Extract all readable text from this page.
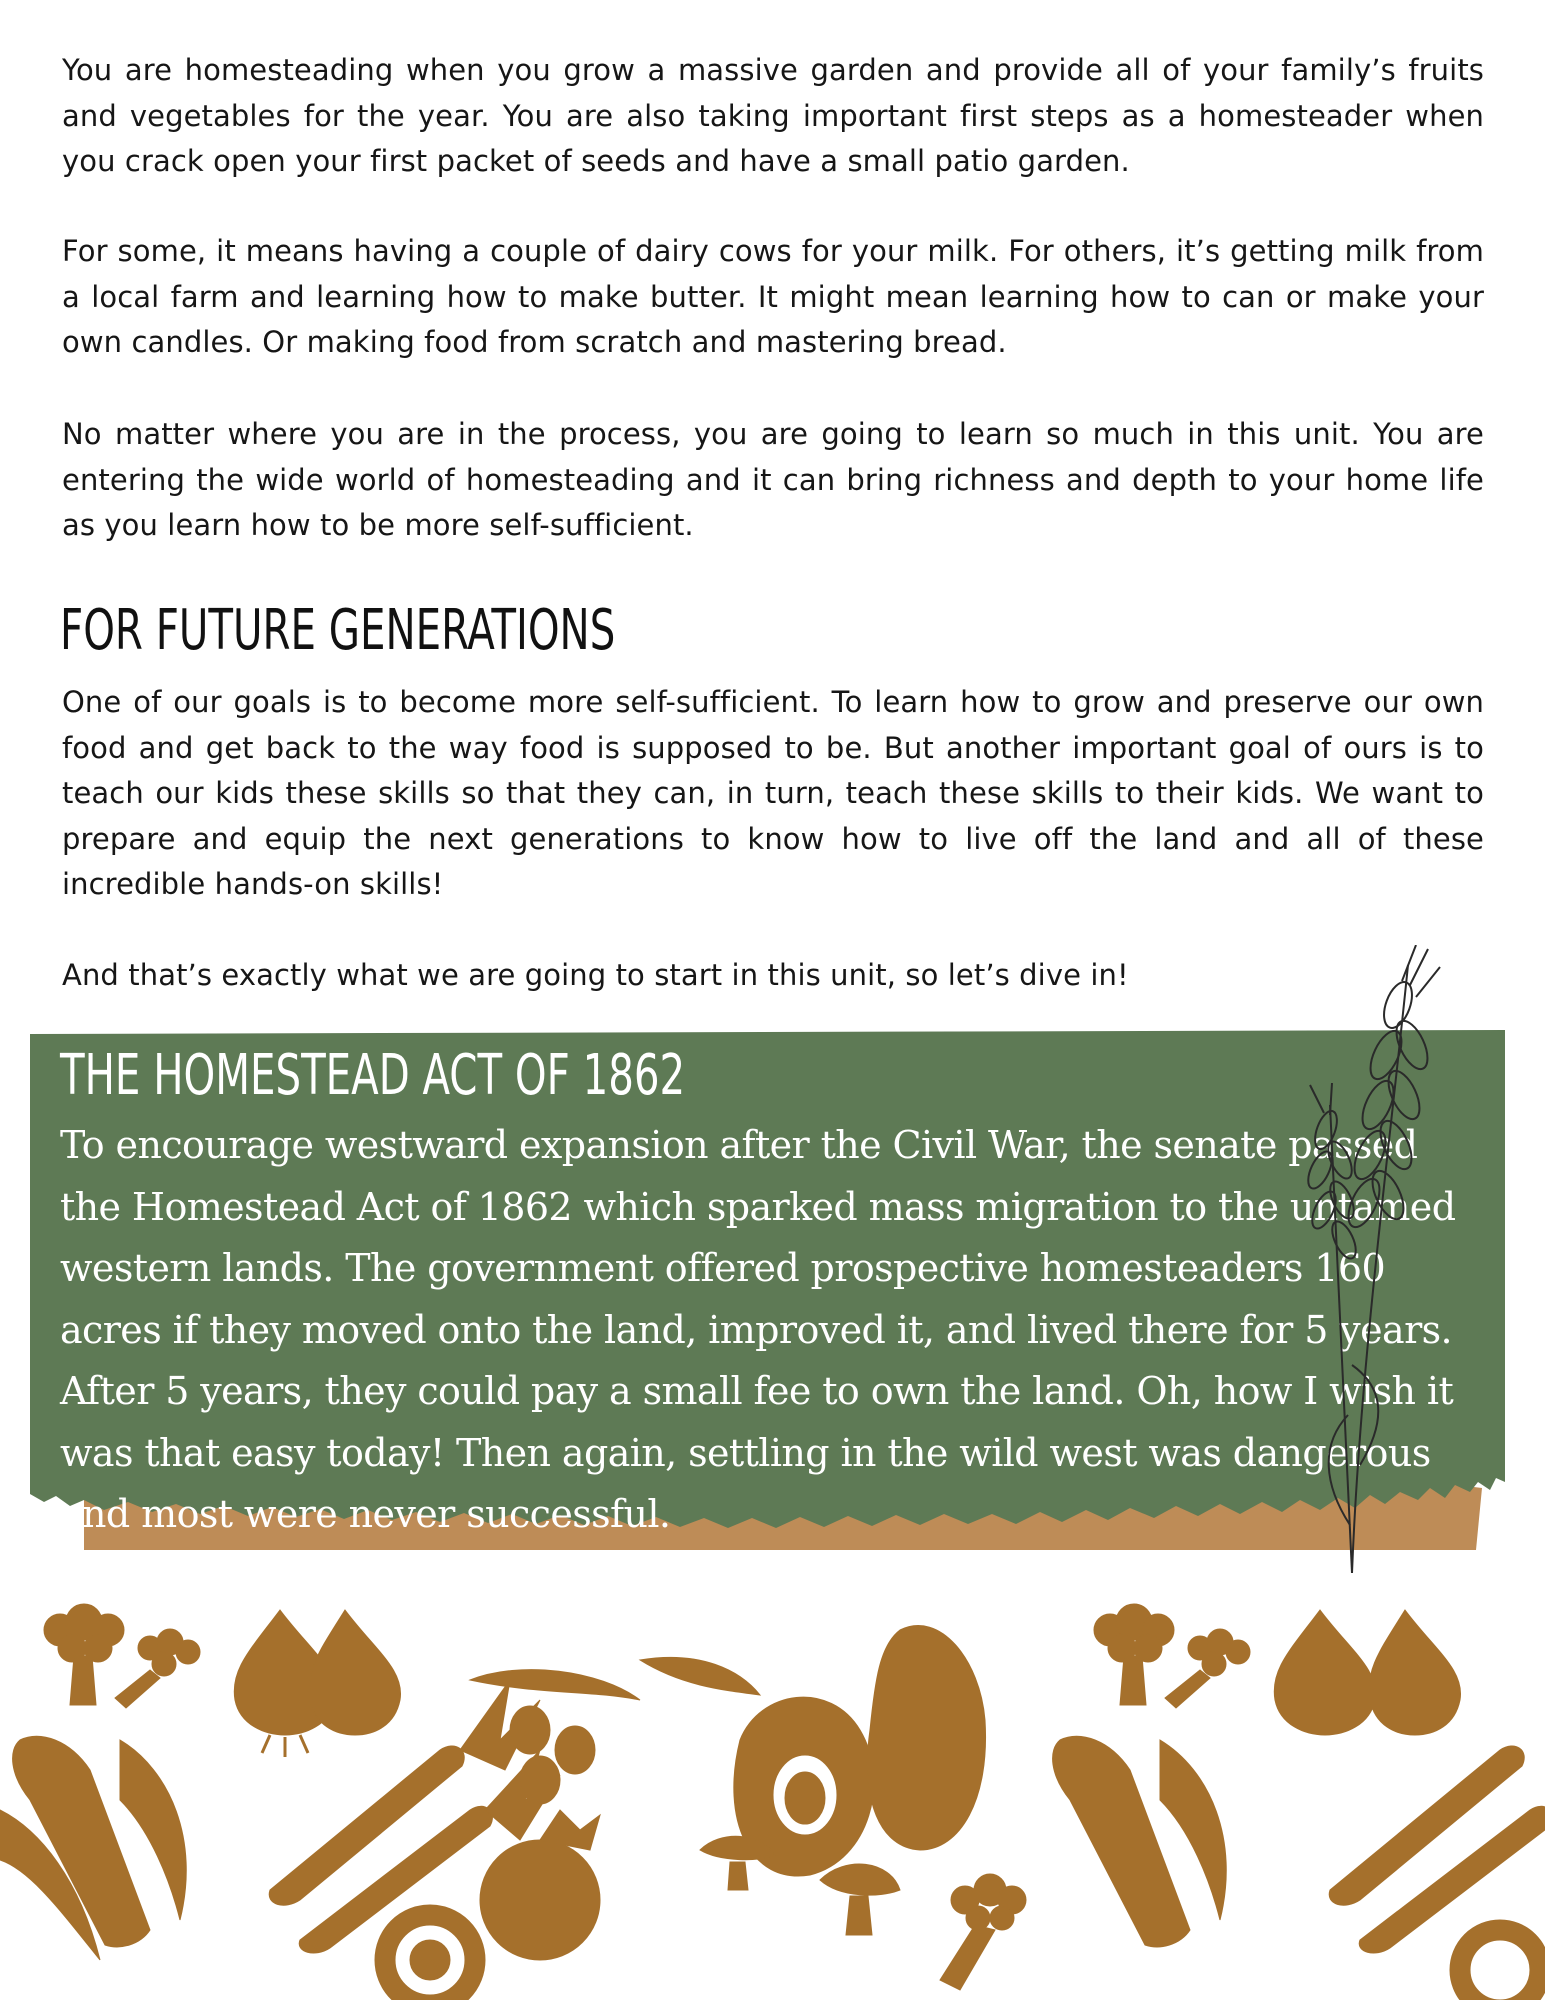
You are homesteading when you grow a massive garden and provide all of your family’s fruits and vegetables for the year. You are also taking important first steps as a homesteader when you crack open your first packet of seeds and have a small patio garden.

For some, it means having a couple of dairy cows for your milk. For others, it’s getting milk from a local farm and learning how to make butter. It might mean learning how to can or make your own candles. Or making food from scratch and mastering bread.

No matter where you are in the process, you are going to learn so much in this unit. You are entering the wide world of homesteading and it can bring richness and depth to your home life as you learn how to be more self-sufficient.

FOR FUTURE GENERATIONS

One of our goals is to become more self-sufficient. To learn how to grow and preserve our own food and get back to the way food is supposed to be. But another important goal of ours is to teach our kids these skills so that they can, in turn, teach these skills to their kids. We want to prepare and equip the next generations to know how to live off the land and all of these incredible hands-on skills!

And that’s exactly what we are going to start in this unit, so let’s dive in!

THE HOMESTEAD ACT OF 1862

To encourage westward expansion after the Civil War, the senate passed the Homestead Act of 1862 which sparked mass migration to the untamed western lands. The government offered prospective homesteaders 160 acres if they moved onto the land, improved it, and lived there for 5 years. After 5 years, they could pay a small fee to own the land. Oh, how I wish it was that easy today! Then again, settling in the wild west was dangerous and most were never successful.
